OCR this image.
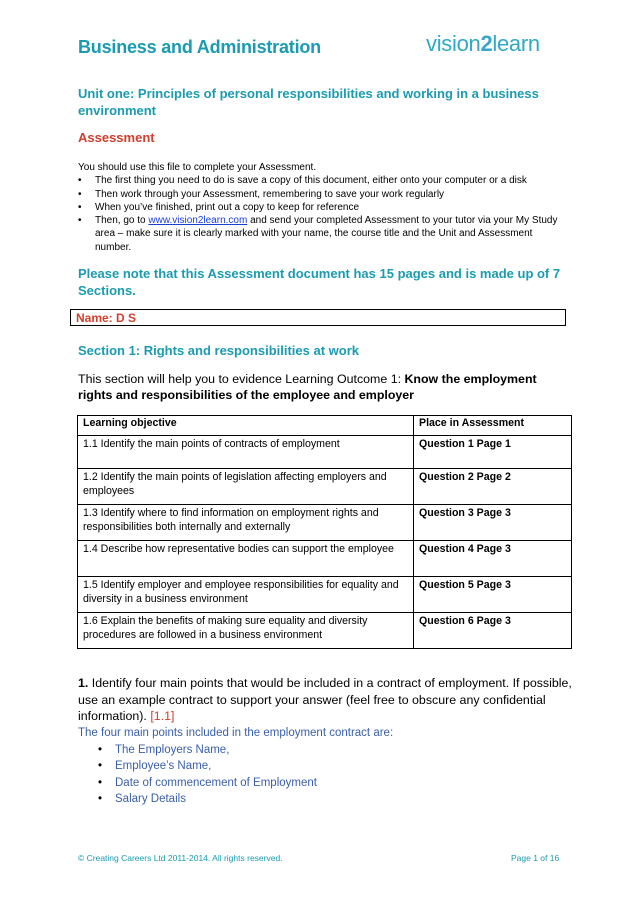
Business and Administration	vision2learn
Unit one: Principles of personal responsibilities and working in a business environment
Assessment
You should use this file to complete your Assessment.
• The first thing you need to do is save a copy of this document, either onto your computer or a disk
• Then work through your Assessment, remembering to save your work regularly
• When you’ve finished, print out a copy to keep for reference
• Then, go to www.vision2learn.com and send your completed Assessment to your tutor via your My Study area – make sure it is clearly marked with your name, the course title and the Unit and Assessment number.
Please note that this Assessment document has 15 pages and is made up of 7 Sections.
Name: D S
Section 1: Rights and responsibilities at work
This section will help you to evidence Learning Outcome 1: Know the employment rights and responsibilities of the employee and employer
Learning objective	Place in Assessment
1.1 Identify the main points of contracts of employment	Question 1 Page 1
1.2 Identify the main points of legislation affecting employers and employees	Question 2 Page 2
1.3 Identify where to find information on employment rights and responsibilities both internally and externally	Question 3 Page 3
1.4 Describe how representative bodies can support the employee	Question 4 Page 3
1.5 Identify employer and employee responsibilities for equality and diversity in a business environment	Question 5 Page 3
1.6 Explain the benefits of making sure equality and diversity procedures are followed in a business environment	Question 6 Page 3
1. Identify four main points that would be included in a contract of employment. If possible, use an example contract to support your answer (feel free to obscure any confidential information). [1.1]
The four main points included in the employment contract are:
• The Employers Name,
• Employee’s Name,
• Date of commencement of Employment
• Salary Details
© Creating Careers Ltd 2011-2014. All rights reserved.	Page 1 of 16
